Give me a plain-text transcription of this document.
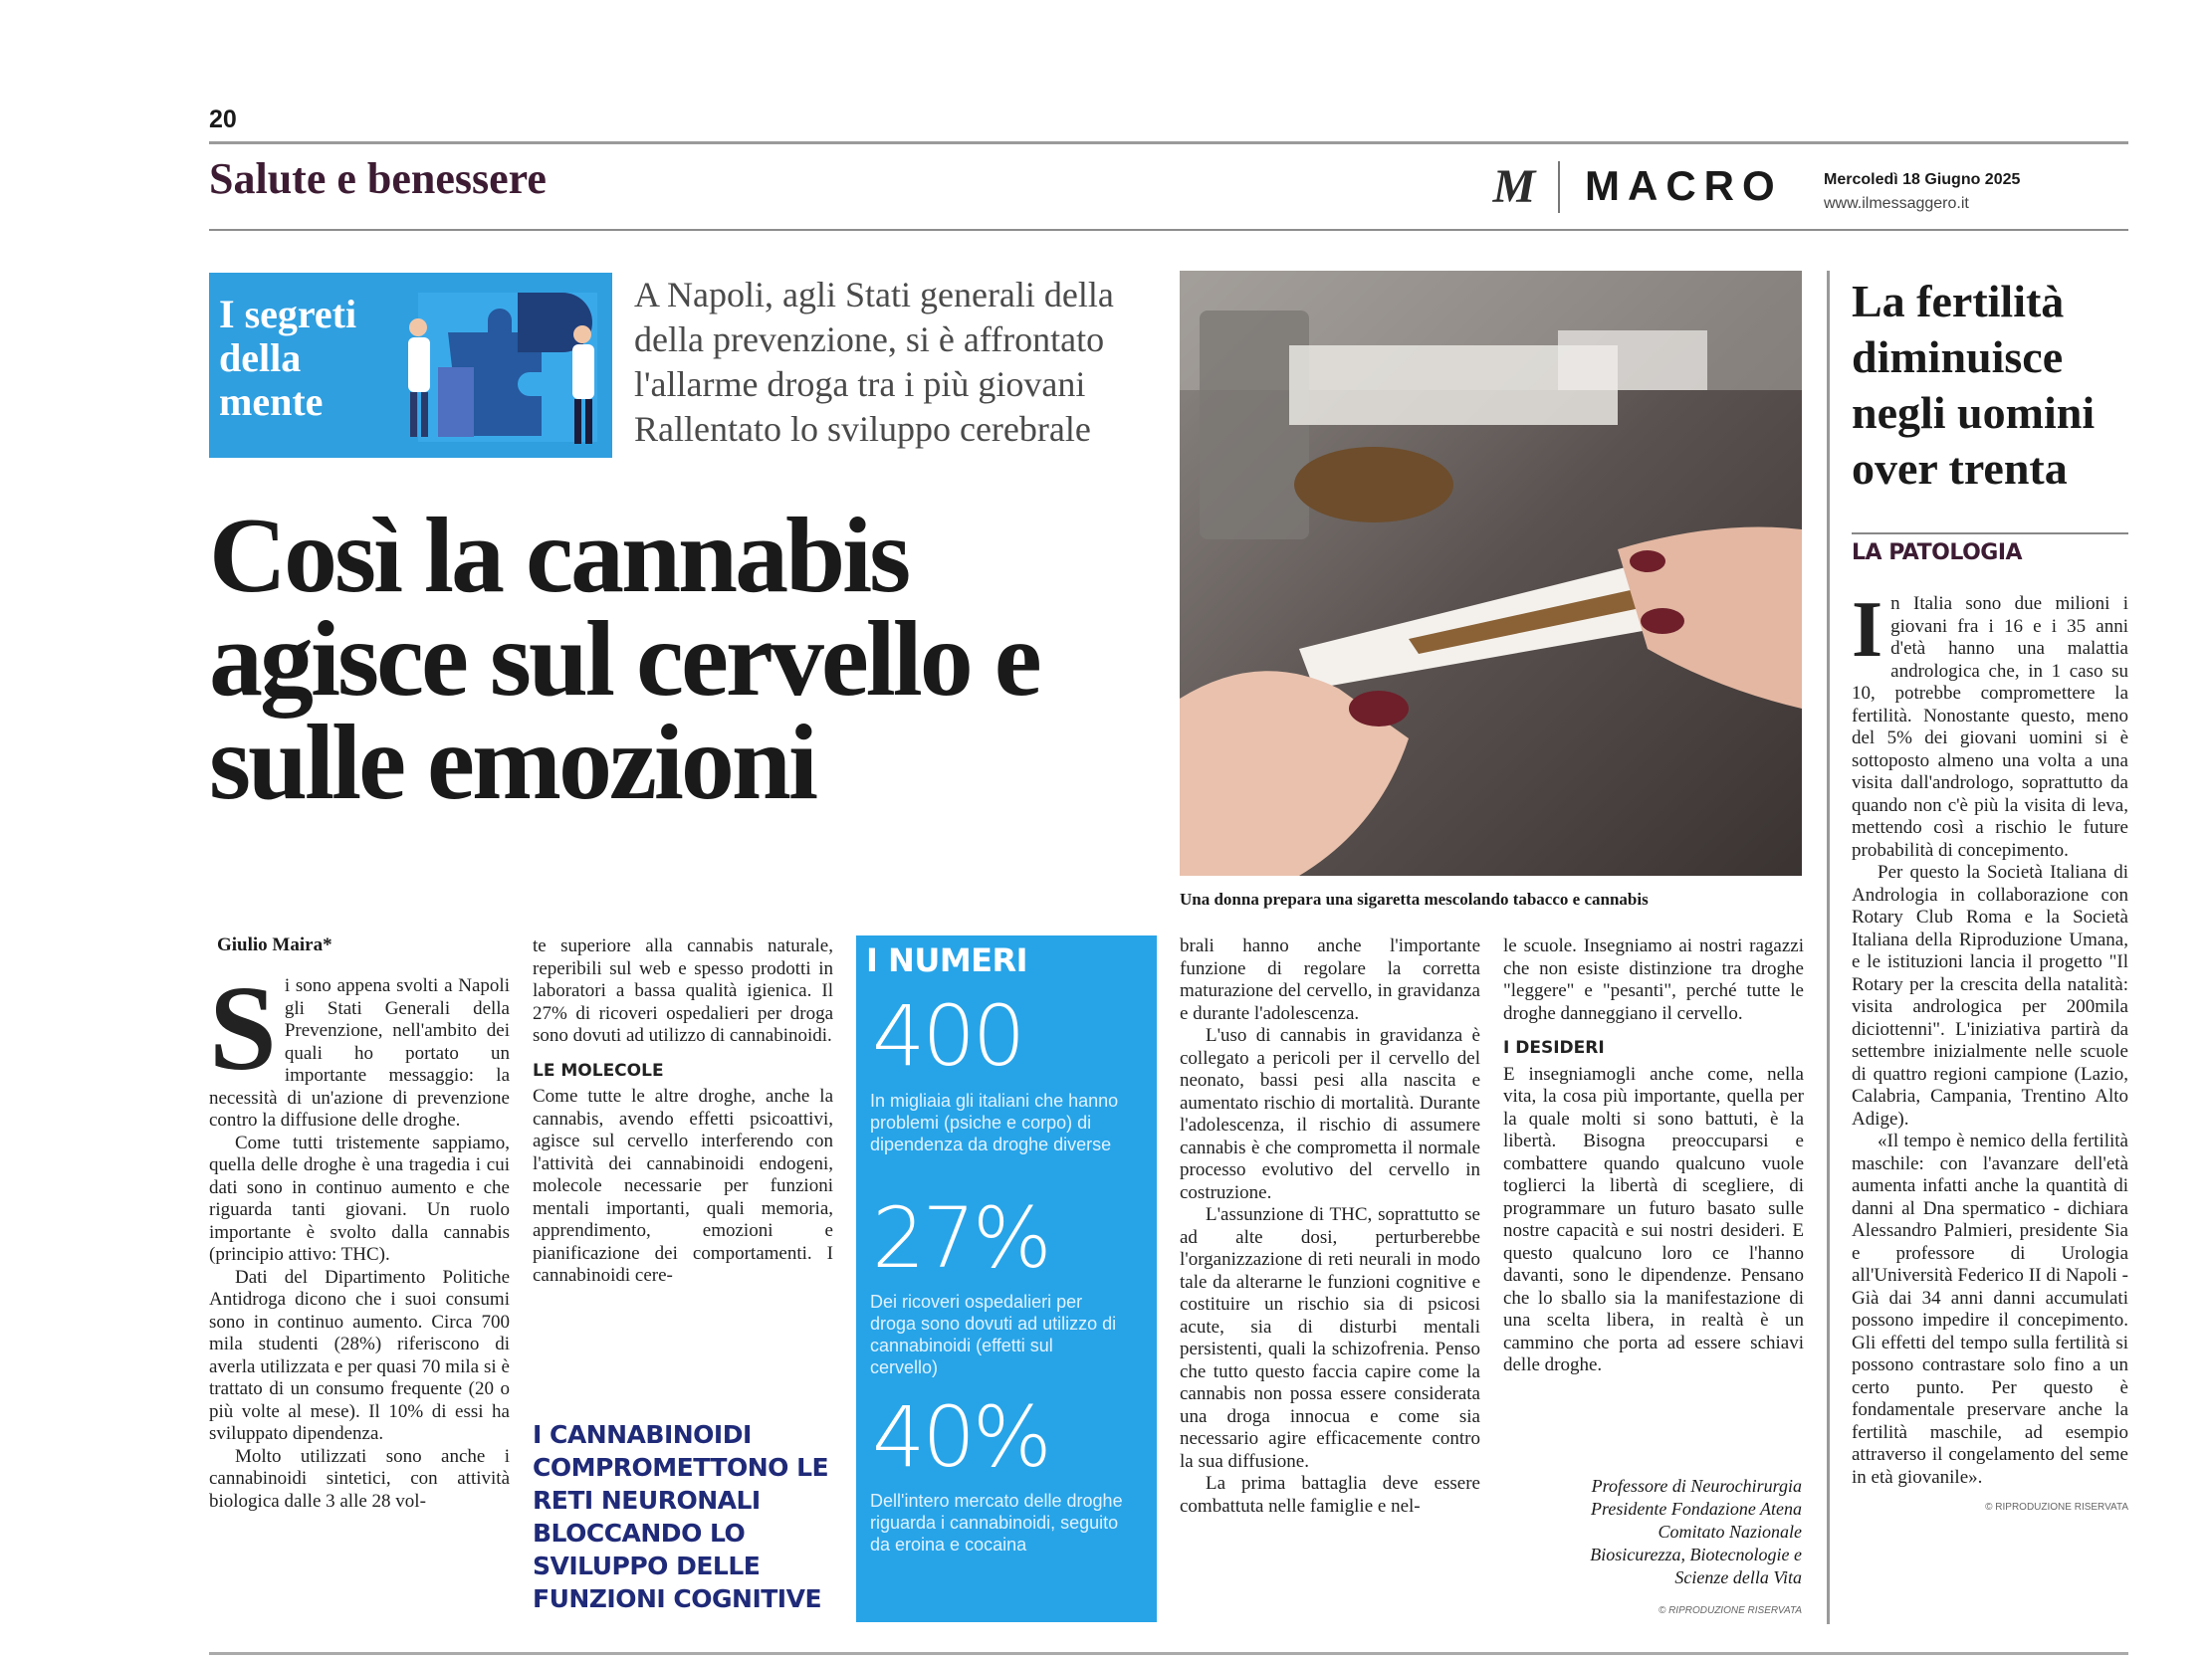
20
Salute e benessere	M MACRO	Mercoledì 18 Giugno 2025
www.ilmessaggero.it
I segreti della mente
A Napoli, agli Stati generali della della prevenzione, si è affrontato l'allarme droga tra i più giovani Rallentato lo sviluppo cerebrale
Così la cannabis agisce sul cervello e sulle emozioni
Una donna prepara una sigaretta mescolando tabacco e cannabis
Giulio Maira*
S i sono appena svolti a Napoli gli Stati Generali della Prevenzione, nell'ambito dei quali ho portato un importante messaggio: la necessità di un'azione di prevenzione contro la diffusione delle droghe.

Come tutti tristemente sappiamo, quella delle droghe è una tragedia i cui dati sono in continuo aumento e che riguarda tanti giovani. Un ruolo importante è svolto dalla cannabis (principio attivo: THC).

Dati del Dipartimento Politiche Antidroga dicono che i suoi consumi sono in continuo aumento. Circa 700 mila studenti (28%) riferiscono di averla utilizzata e per quasi 70 mila si è trattato di un consumo frequente (20 o più volte al mese). Il 10% di essi ha sviluppato dipendenza.

Molto utilizzati sono anche i cannabinoidi sintetici, con attività biologica dalle 3 alle 28 vol-

te superiore alla cannabis naturale, reperibili sul web e spesso prodotti in laboratori a bassa qualità igienica. Il 27% di ricoveri ospedalieri per droga sono dovuti ad utilizzo di cannabinoidi.

LE MOLECOLE

Come tutte le altre droghe, anche la cannabis, avendo effetti psicoattivi, agisce sul cervello interferendo con l'attività dei cannabinoidi endogeni, molecole necessarie per funzioni mentali importanti, quali memoria, apprendimento, emozioni e pianificazione dei comportamenti. I cannabinoidi cere-

I CANNABINOIDI COMPROMETTONO LE RETI NEURONALI BLOCCANDO LO SVILUPPO DELLE FUNZIONI COGNITIVE
I NUMERI
400
In migliaia gli italiani che hanno problemi (psiche e corpo) di dipendenza da droghe diverse
27%
Dei ricoveri ospedalieri per droga sono dovuti ad utilizzo di cannabinoidi (effetti sul cervello)
40%
Dell'intero mercato delle droghe riguarda i cannabinoidi, seguito da eroina e cocaina

brali hanno anche l'importante funzione di regolare la corretta maturazione del cervello, in gravidanza e durante l'adolescenza.

L'uso di cannabis in gravidanza è collegato a pericoli per il cervello del neonato, bassi pesi alla nascita e aumentato rischio di mortalità. Durante l'adolescenza, il rischio di assumere cannabis è che comprometta il normale processo evolutivo del cervello in costruzione.

L'assunzione di THC, soprattutto se ad alte dosi, perturberebbe l'organizzazione di reti neurali in modo tale da alterarne le funzioni cognitive e costituire un rischio sia di psicosi acute, sia di disturbi mentali persistenti, quali la schizofrenia. Penso che tutto questo faccia capire come la cannabis non possa essere considerata una droga innocua e come sia necessario agire efficacemente contro la sua diffusione.

La prima battaglia deve essere combattuta nelle famiglie e nel-

le scuole. Insegniamo ai nostri ragazzi che non esiste distinzione tra droghe "leggere" e "pesanti", perché tutte le droghe danneggiano il cervello.

I DESIDERI

E insegniamogli anche come, nella vita, la cosa più importante, quella per la quale molti si sono battuti, è la libertà. Bisogna preoccuparsi e combattere quando qualcuno vuole toglierci la libertà di scegliere, di programmare un futuro basato sulle nostre capacità e sui nostri desideri. E questo qualcuno loro ce l'hanno davanti, sono le dipendenze. Pensano che lo sballo sia la manifestazione di una scelta libera, in realtà è un cammino che porta ad essere schiavi delle droghe.

Professore di Neurochirurgia
Presidente Fondazione Atena
Comitato Nazionale
Biosicurezza, Biotecnologie e
Scienze della Vita
© RIPRODUZIONE RISERVATA
La fertilità diminuisce negli uomini over trenta
LA PATOLOGIA
I n Italia sono due milioni i giovani fra i 16 e i 35 anni d'età hanno una malattia andrologica che, in 1 caso su 10, potrebbe compromettere la fertilità. Nonostante questo, meno del 5% dei giovani uomini si è sottoposto almeno una volta a una visita dall'andrologo, soprattutto da quando non c'è più la visita di leva, mettendo così a rischio le future probabilità di concepimento.

Per questo la Società Italiana di Andrologia in collaborazione con Rotary Club Roma e la Società Italiana della Riproduzione Umana, e le istituzioni lancia il progetto "Il Rotary per la crescita della natalità: visita andrologica per 200mila diciottenni". L'iniziativa partirà da settembre inizialmente nelle scuole di quattro regioni campione (Lazio, Calabria, Campania, Trentino Alto Adige).

«Il tempo è nemico della fertilità maschile: con l'avanzare dell'età aumenta infatti anche la quantità di danni al Dna spermatico - dichiara Alessandro Palmieri, presidente Sia e professore di Urologia all'Università Federico II di Napoli - Già dai 34 anni danni accumulati possono impedire il concepimento. Gli effetti del tempo sulla fertilità si possono contrastare solo fino a un certo punto. Per questo è fondamentale preservare anche la fertilità maschile, ad esempio attraverso il congelamento del seme in età giovanile».

© RIPRODUZIONE RISERVATA
